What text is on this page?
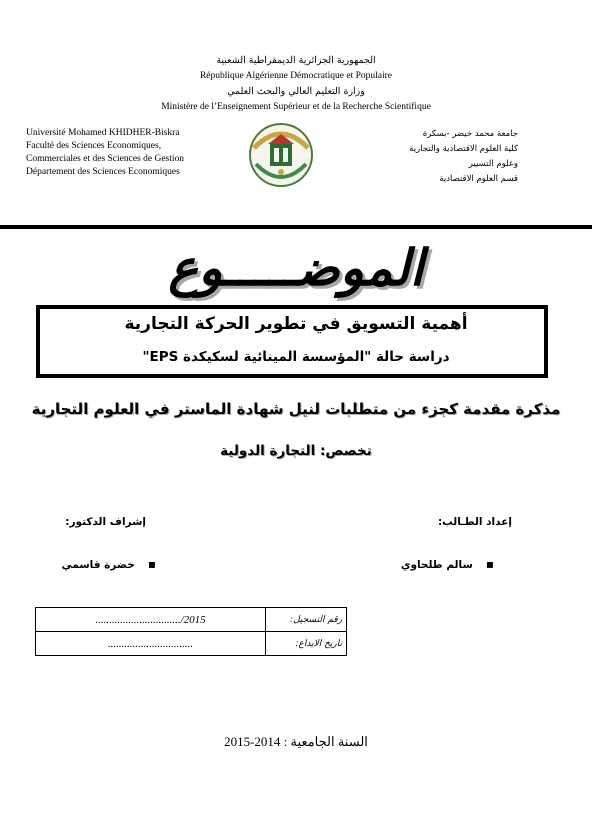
الجمهورية الجزائرية الديمقراطية الشعبية
République Algérienne Démocratique et Populaire
وزارة التعليم العالي والبحث العلمي
Ministère de l’Enseignement Supérieur et de la Recherche Scientifique
Université Mohamed KHIDHER-Biskra
Faculté des Sciences Economiques,
Commerciales et des Sciences de Gestion
Département des Sciences Economiques
جامعة محمد خيضر -بسكرة
كلية العلوم الاقتصادية والتجارية
وعلوم التسيير
قسم العلوم الاقتصادية
الموضـــــوع
أهمية التسويق في تطوير الحركة التجارية
دراسة حالة "المؤسسة المينائية لسكيكدة EPS"
مذكرة مقدمة كجزء من متطلبات لنيل شهادة الماستر في العلوم التجارية
تخصص: التجارة الدولية
إعداد الطـالب:
إشراف الدكتور:
▪ سالم طلحاوي
▪ خضرة قاسمي
.............................../2015	رقم التسجيل:
...............................	تاريخ الايداع:
السنة الجامعية : 2014-2015
